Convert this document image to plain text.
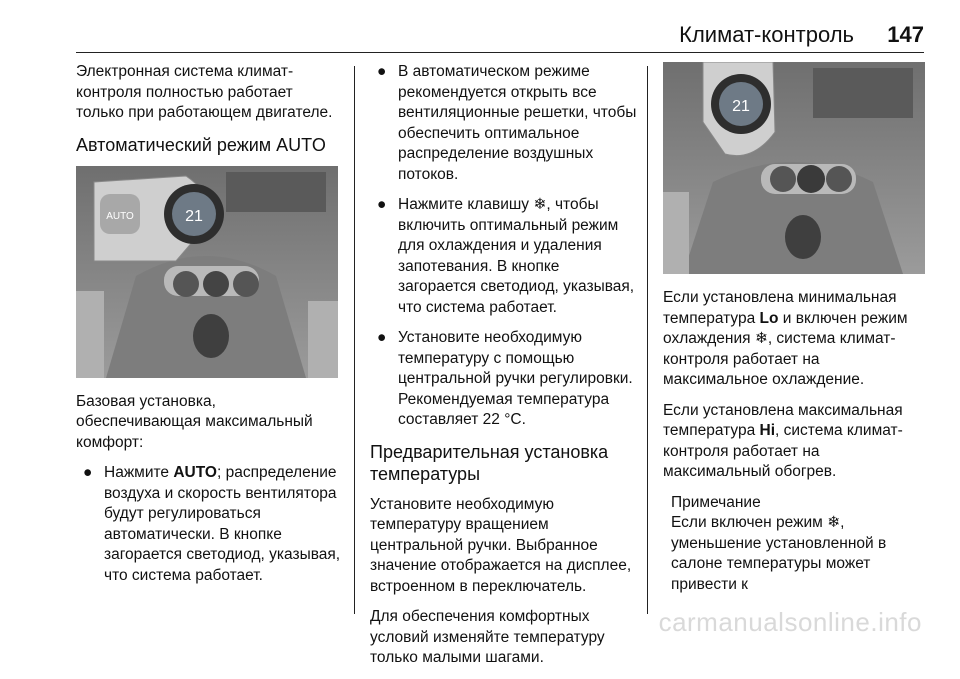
Климат-контроль 147

Электронная система климат-контроля полностью работает только при работающем двигателе.

Автоматический режим AUTO
AUTO	21

Базовая установка, обеспечивающая максимальный комфорт:

● Нажмите AUTO; распределение воздуха и скорость вентилятора будут регулироваться автоматически. В кнопке загорается светодиод, указывая, что система работает.
● В автоматическом режиме рекомендуется открыть все вентиляционные решетки, чтобы обеспечить оптимальное распределение воздушных потоков.
● Нажмите клавишу ❄, чтобы включить оптимальный режим для охлаждения и удаления запотевания. В кнопке загорается светодиод, указывая, что система работает.
● Установите необходимую температуру с помощью центральной ручки регулировки. Рекомендуемая температура составляет 22 °C.
Предварительная установка температуры

Установите необходимую температуру вращением центральной ручки. Выбранное значение отображается на дисплее, встроенном в переключатель.

Для обеспечения комфортных условий изменяйте температуру только малыми шагами.

21

Если установлена минимальная температура Lo и включен режим охлаждения ❄, система климат-контроля работает на максимальное охлаждение.

Если установлена максимальная температура Hi, система климат-контроля работает на максимальный обогрев.

Примечание
Если включен режим ❄, уменьшение установленной в салоне температуры может привести к
carmanualsonline.info
